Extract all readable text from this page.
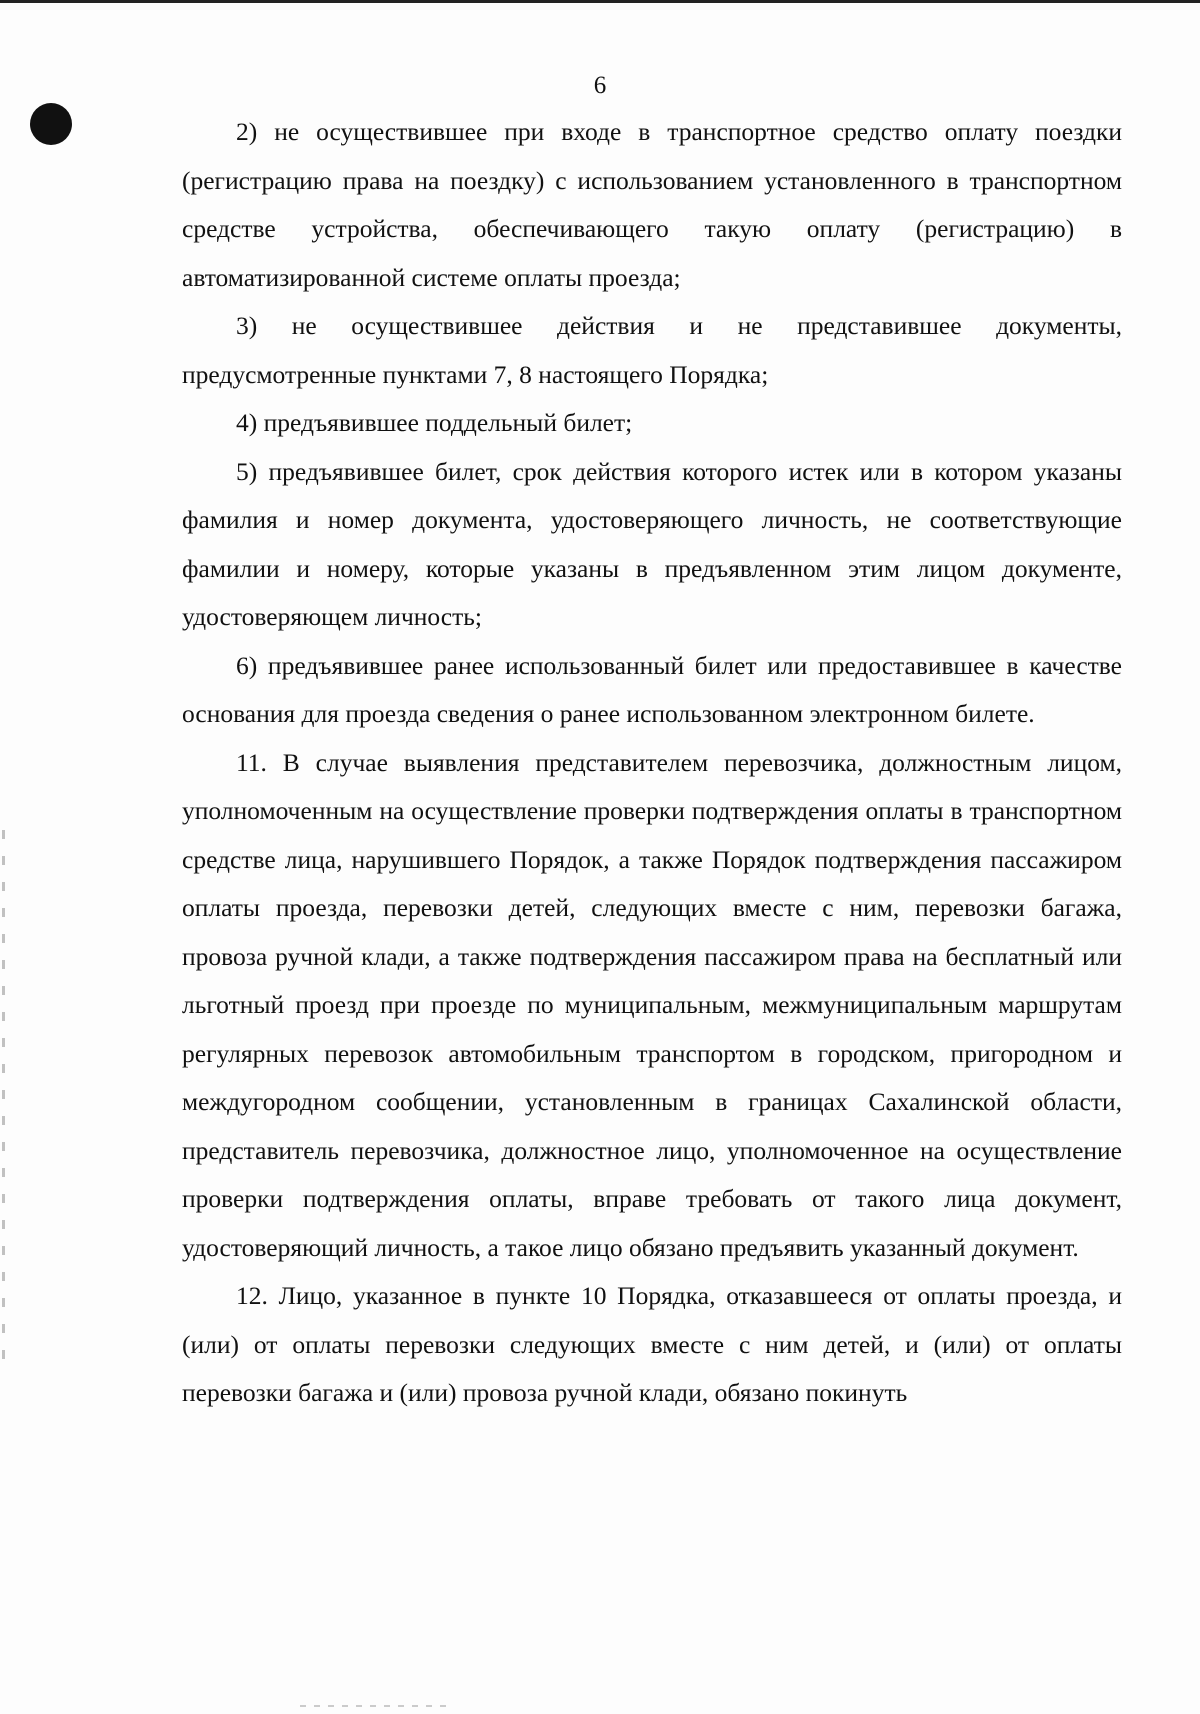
6

2) не осуществившее при входе в транспортное средство оплату поездки (регистрацию права на поездку) с использованием установленного в транспортном средстве устройства, обеспечивающего такую оплату (регистрацию) в автоматизированной системе оплаты проезда;

3) не осуществившее действия и не представившее документы, предусмотренные пунктами 7, 8 настоящего Порядка;

4) предъявившее поддельный билет;

5) предъявившее билет, срок действия которого истек или в котором указаны фамилия и номер документа, удостоверяющего личность, не соответствующие фамилии и номеру, которые указаны в предъявленном этим лицом документе, удостоверяющем личность;

6) предъявившее ранее использованный билет или предоставившее в качестве основания для проезда сведения о ранее использованном электронном билете.

11. В случае выявления представителем перевозчика, должностным лицом, уполномоченным на осуществление проверки подтверждения оплаты в транспортном средстве лица, нарушившего Порядок, а также Порядок подтверждения пассажиром оплаты проезда, перевозки детей, следующих вместе с ним, перевозки багажа, провоза ручной клади, а также подтверждения пассажиром права на бесплатный или льготный проезд при проезде по муниципальным, межмуниципальным маршрутам регулярных перевозок автомобильным транспортом в городском, пригородном и междугородном сообщении, установленным в границах Сахалинской области, представитель перевозчика, должностное лицо, уполномоченное на осуществление проверки подтверждения оплаты, вправе требовать от такого лица документ, удостоверяющий личность, а такое лицо обязано предъявить указанный документ.

12. Лицо, указанное в пункте 10 Порядка, отказавшееся от оплаты проезда, и (или) от оплаты перевозки следующих вместе с ним детей, и (или) от оплаты перевозки багажа и (или) провоза ручной клади, обязано покинуть
